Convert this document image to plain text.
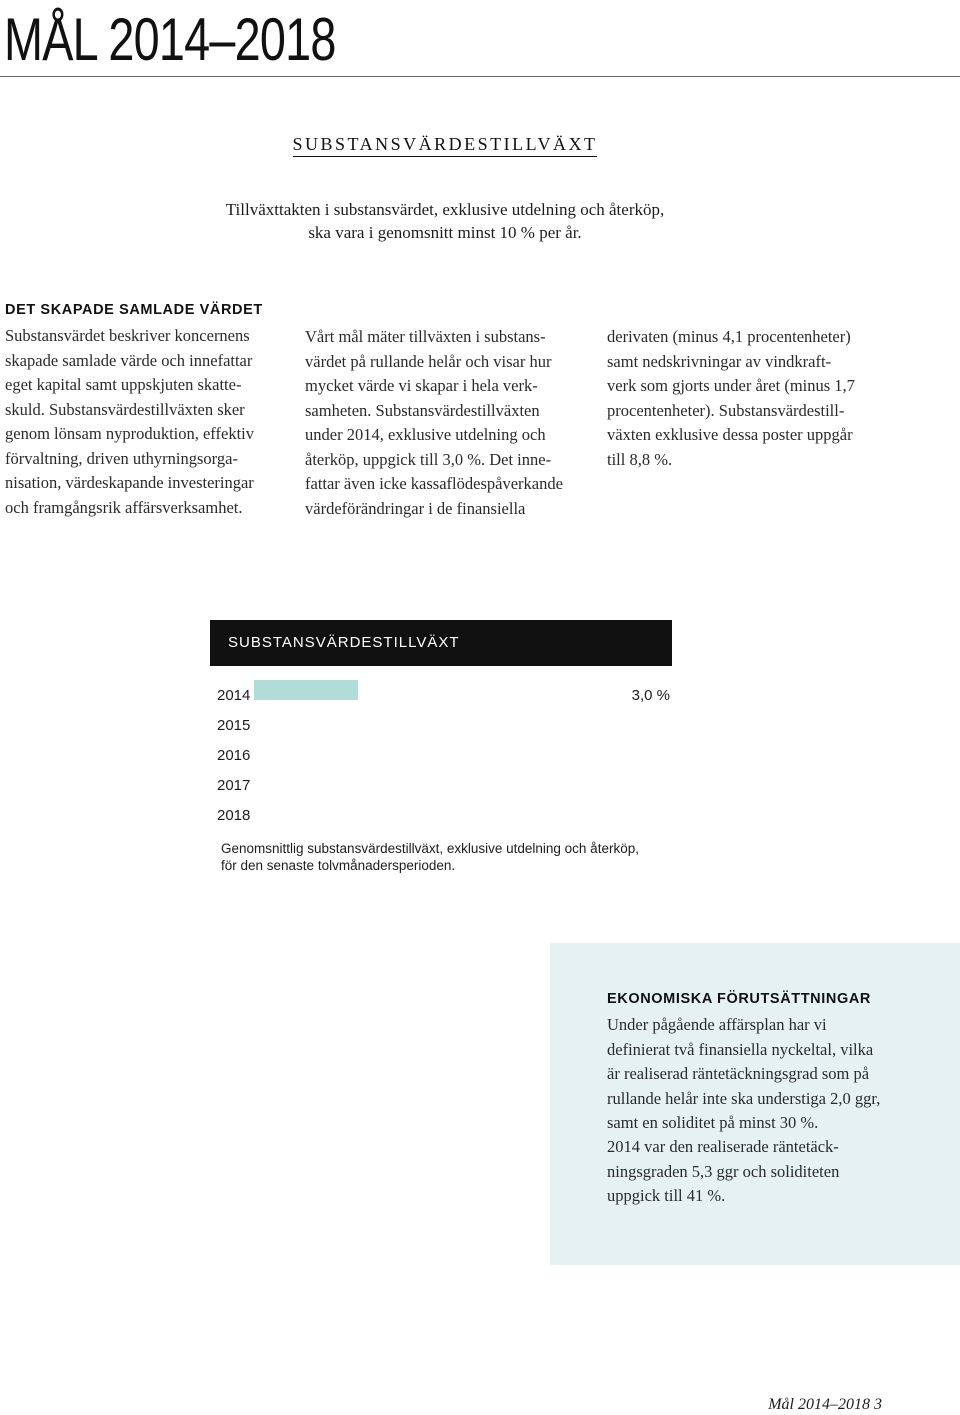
MÅL 2014–2018
SUBSTANSVÄRDESTILLVÄXT
Tillväxttakten i substansvärdet, exklusive utdelning och återköp,
ska vara i genomsnitt minst 10 % per år.
DET SKAPADE SAMLADE VÄRDET
Substansvärdet beskriver koncernens
skapade samlade värde och innefattar
eget kapital samt uppskjuten skatte-
skuld. Substansvärdestillväxten sker
genom lönsam nyproduktion, effektiv
förvaltning, driven uthyrningsorga-
nisation, värdeskapande investeringar
och framgångsrik affärsverksamhet.
Vårt mål mäter tillväxten i substans-
värdet på rullande helår och visar hur
mycket värde vi skapar i hela verk-
samheten. Substansvärdestillväxten
under 2014, exklusive utdelning och
återköp, uppgick till 3,0 %. Det inne-
fattar även icke kassaflödespåverkande
värdeförändringar i de finansiella
derivaten (minus 4,1 procentenheter)
samt nedskrivningar av vindkraft-
verk som gjorts under året (minus 1,7
procentenheter). Substansvärdestill-
växten exklusive dessa poster uppgår
till 8,8 %.
SUBSTANSVÄRDESTILLVÄXT
2014	3,0 %
2015
2016
2017
2018
Genomsnittlig substansvärdestillväxt, exklusive utdelning och återköp,
för den senaste tolvmånadersperioden.
EKONOMISKA FÖRUTSÄTTNINGAR
Under pågående affärsplan har vi
definierat två finansiella nyckeltal, vilka
är realiserad räntetäckningsgrad som på
rullande helår inte ska understiga 2,0 ggr,
samt en soliditet på minst 30 %.
2014 var den realiserade räntetäck-
ningsgraden 5,3 ggr och soliditeten
uppgick till 41 %.
Mål 2014–2018 3
